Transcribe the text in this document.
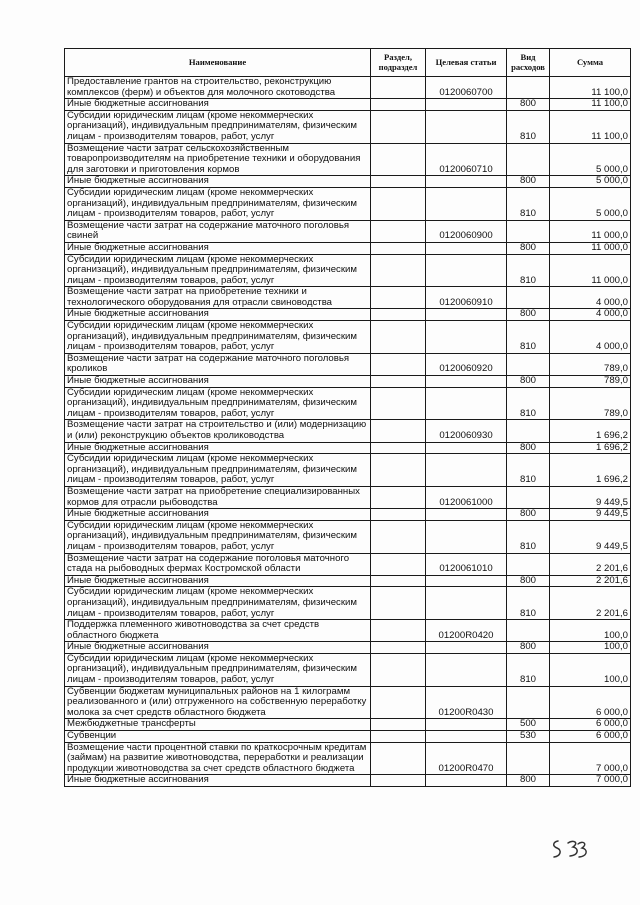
Наименование	Раздел, подраздел	Целевая статьи	Вид расходов	Сумма
Предоставление грантов на строительство, реконструкцию комплексов (ферм) и объектов для молочного скотоводства		0120060700		11 100,0
Иные бюджетные ассигнования			800	11 100,0
Субсидии юридическим лицам (кроме некоммерческих организаций), индивидуальным предпринимателям, физическим лицам - производителям товаров, работ, услуг			810	11 100,0
Возмещение части затрат сельскохозяйственным товаропроизводителям на приобретение техники и оборудования для заготовки и приготовления кормов		0120060710		5 000,0
Иные бюджетные ассигнования			800	5 000,0
Субсидии юридическим лицам (кроме некоммерческих организаций), индивидуальным предпринимателям, физическим лицам - производителям товаров, работ, услуг			810	5 000,0
Возмещение части затрат на содержание маточного поголовья свиней		0120060900		11 000,0
Иные бюджетные ассигнования			800	11 000,0
Субсидии юридическим лицам (кроме некоммерческих организаций), индивидуальным предпринимателям, физическим лицам - производителям товаров, работ, услуг			810	11 000,0
Возмещение части затрат на приобретение техники и технологического оборудования для отрасли свиноводства		0120060910		4 000,0
Иные бюджетные ассигнования			800	4 000,0
Субсидии юридическим лицам (кроме некоммерческих организаций), индивидуальным предпринимателям, физическим лицам - производителям товаров, работ, услуг			810	4 000,0
Возмещение части затрат на содержание маточного поголовья кроликов		0120060920		789,0
Иные бюджетные ассигнования			800	789,0
Субсидии юридическим лицам (кроме некоммерческих организаций), индивидуальным предпринимателям, физическим лицам - производителям товаров, работ, услуг			810	789,0
Возмещение части затрат на строительство и (или) модернизацию и (или) реконструкцию объектов кролиководства		0120060930		1 696,2
Иные бюджетные ассигнования			800	1 696,2
Субсидии юридическим лицам (кроме некоммерческих организаций), индивидуальным предпринимателям, физическим лицам - производителям товаров, работ, услуг			810	1 696,2
Возмещение части затрат на приобретение специализированных кормов для отрасли рыбоводства		0120061000		9 449,5
Иные бюджетные ассигнования			800	9 449,5
Субсидии юридическим лицам (кроме некоммерческих организаций), индивидуальным предпринимателям, физическим лицам - производителям товаров, работ, услуг			810	9 449,5
Возмещение части затрат на содержание поголовья маточного стада на рыбоводных фермах Костромской области		0120061010		2 201,6
Иные бюджетные ассигнования			800	2 201,6
Субсидии юридическим лицам (кроме некоммерческих организаций), индивидуальным предпринимателям, физическим лицам - производителям товаров, работ, услуг			810	2 201,6
Поддержка племенного животноводства за счет средств областного бюджета		01200R0420		100,0
Иные бюджетные ассигнования			800	100,0
Субсидии юридическим лицам (кроме некоммерческих организаций), индивидуальным предпринимателям, физическим лицам - производителям товаров, работ, услуг			810	100,0
Субвенции бюджетам муниципальных районов на 1 килограмм реализованного и (или) отгруженного на собственную переработку молока за счет средств областного бюджета		01200R0430		6 000,0
Межбюджетные трансферты			500	6 000,0
Субвенции			530	6 000,0
Возмещение части процентной ставки по краткосрочным кредитам (займам) на развитие животноводства, переработки и реализации продукции животноводства за счет средств областного бюджета		01200R0470		7 000,0
Иные бюджетные ассигнования			800	7 000,0
